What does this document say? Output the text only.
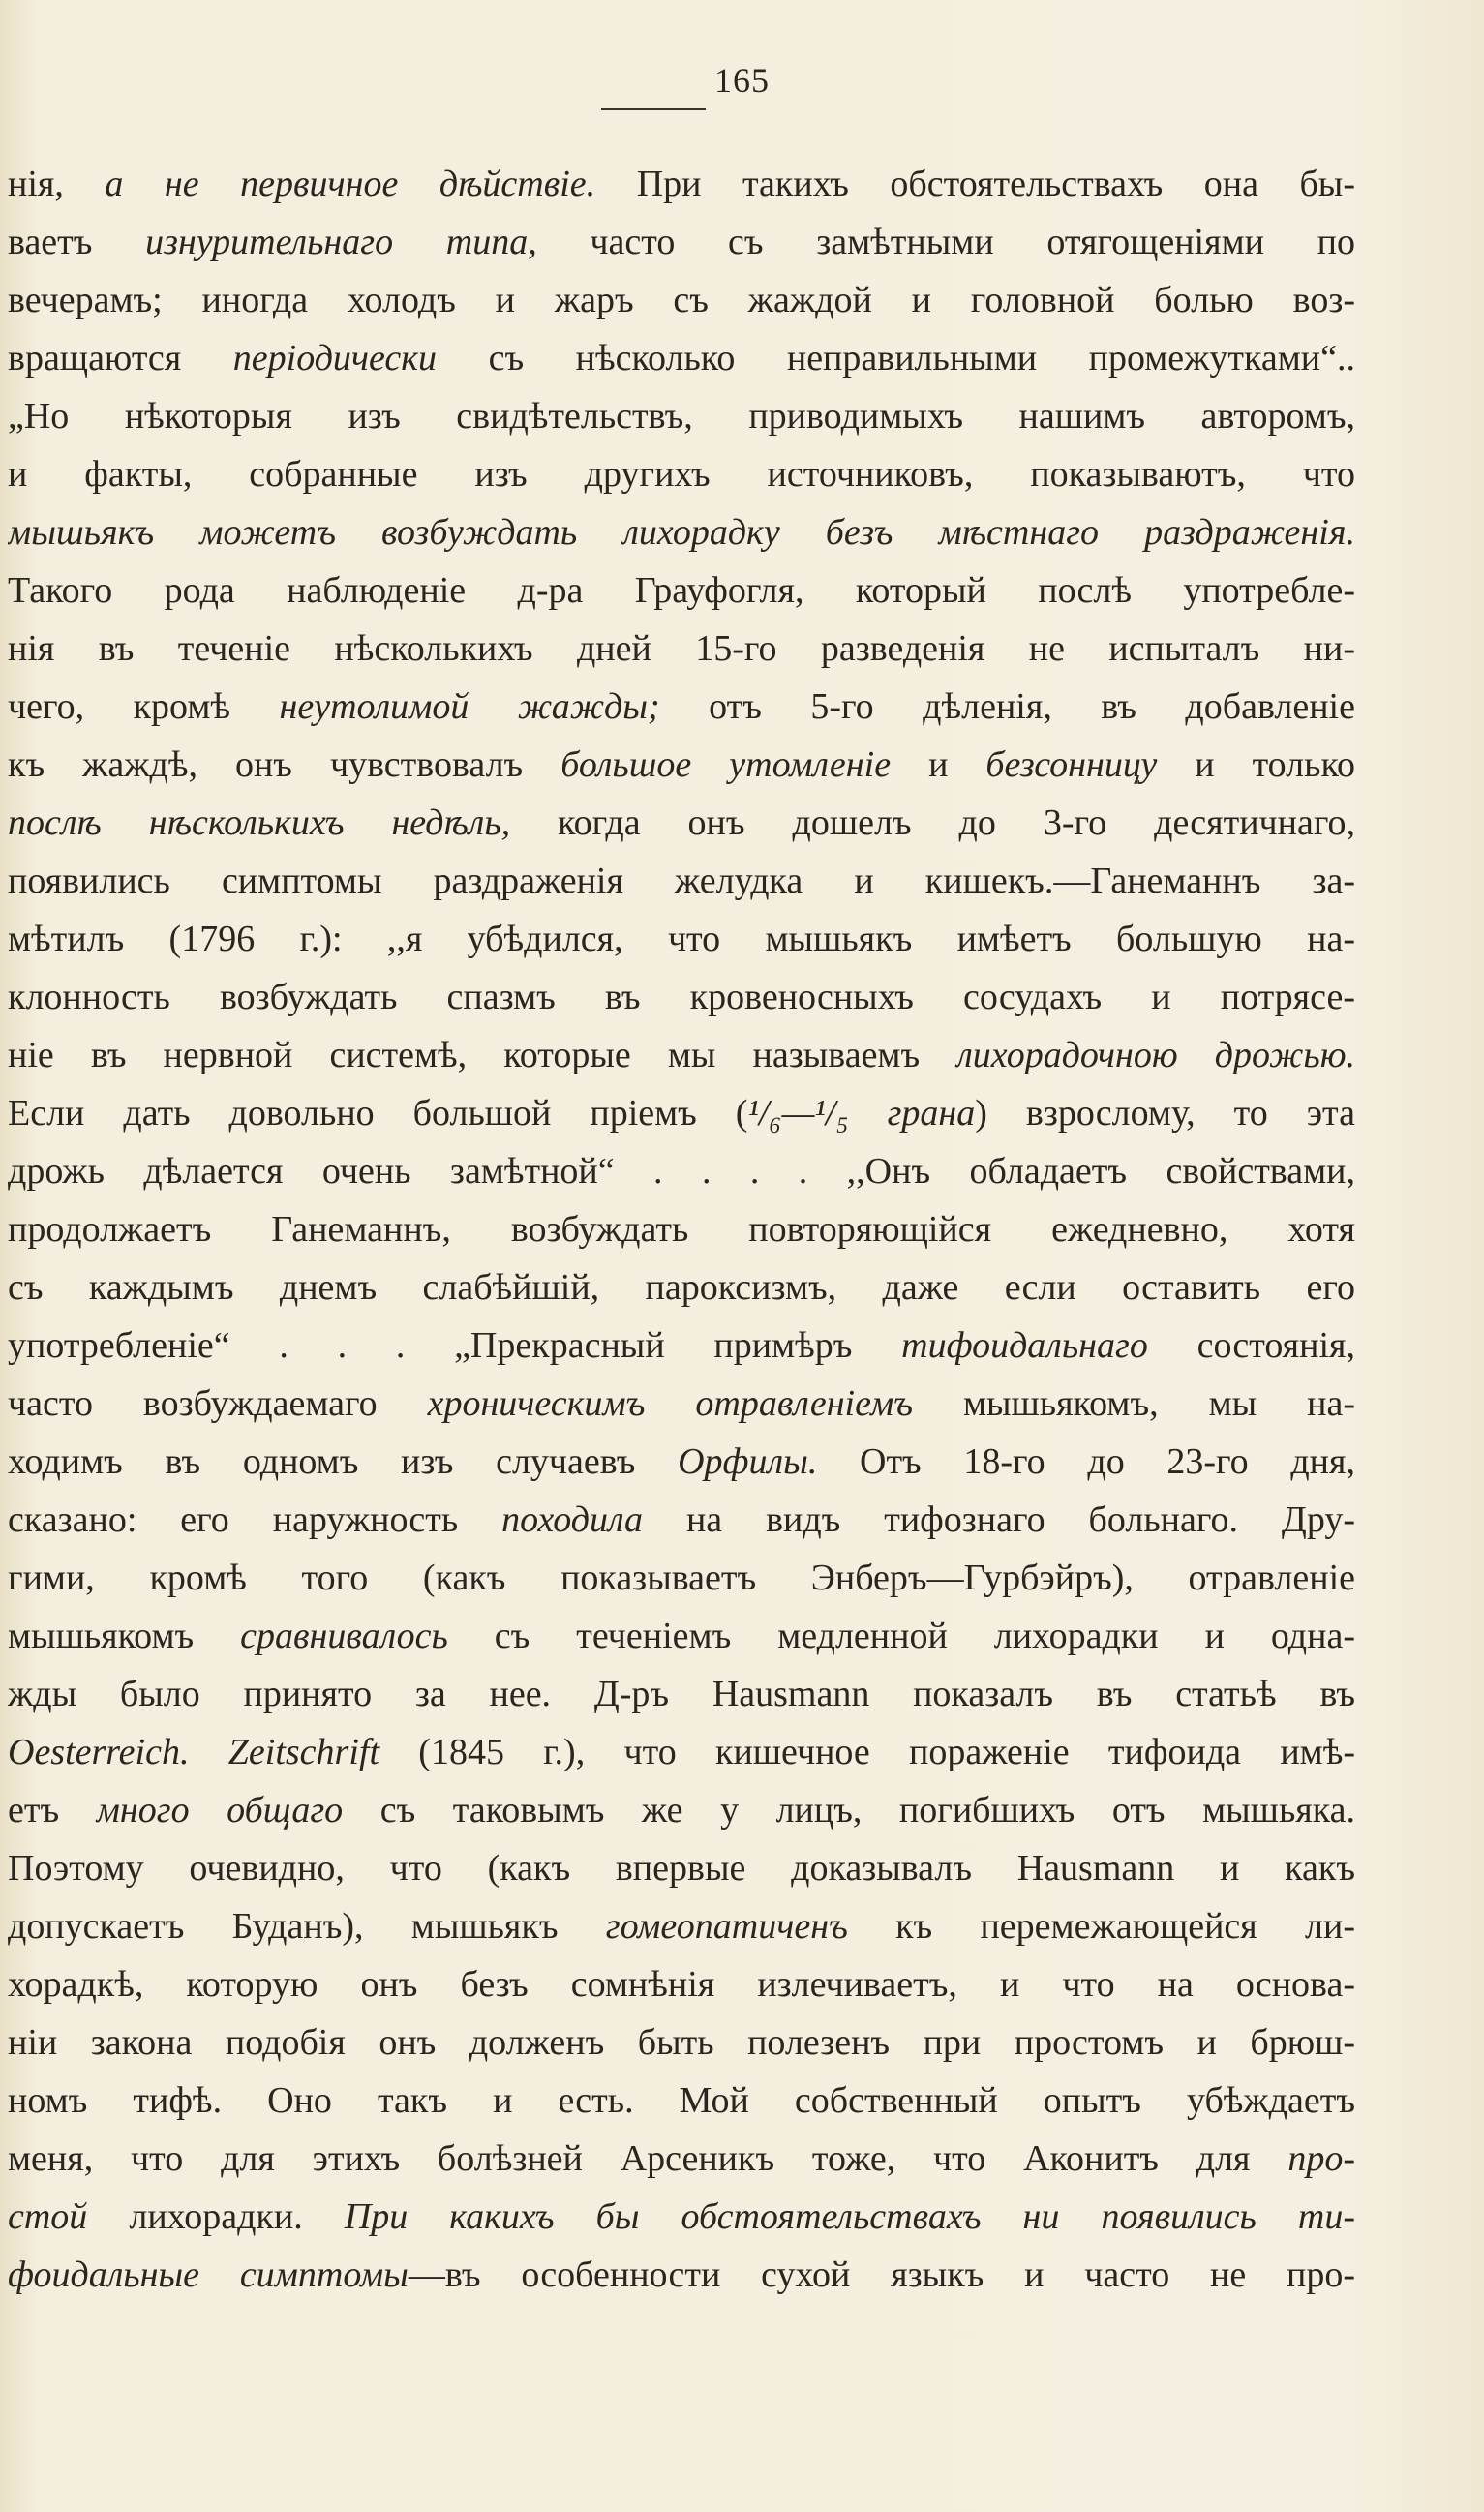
165
нія, а не первичное дѣйствіе. При такихъ обстоятельствахъ она бы-
ваетъ изнурительнаго типа, часто съ замѣтными отягощеніями по
вечерамъ; иногда холодъ и жаръ съ жаждой и головной болью воз-
вращаются періодически съ нѣсколько неправильными промежутками“..
„Но нѣкоторыя изъ свидѣтельствъ, приводимыхъ нашимъ авторомъ,
и факты, собранные изъ другихъ источниковъ, показываютъ, что
мышьякъ можетъ возбуждать лихорадку безъ мѣстнаго раздраженія.
Такого рода наблюденіе д-ра Грауфогля, который послѣ употребле-
нія въ теченіе нѣсколькихъ дней 15-го разведенія не испыталъ ни-
чего, кромѣ неутолимой жажды; отъ 5-го дѣленія, въ добавленіе
къ жаждѣ, онъ чувствовалъ большое утомленіе и безсонницу и только
послѣ нѣсколькихъ недѣль, когда онъ дошелъ до 3-го десятичнаго,
появились симптомы раздраженія желудка и кишекъ.—Ганеманнъ за-
мѣтилъ (1796 г.): ,,я убѣдился, что мышьякъ имѣетъ большую на-
клонность возбуждать спазмъ въ кровеносныхъ сосудахъ и потрясе-
ніе въ нервной системѣ, которые мы называемъ лихорадочною дрожью.
Если дать довольно большой пріемъ (¹/₆—¹/₅ грана) взрослому, то эта
дрожь дѣлается очень замѣтной“ . . . . ,,Онъ обладаетъ свойствами,
продолжаетъ Ганеманнъ, возбуждать повторяющійся ежедневно, хотя
съ каждымъ днемъ слабѣйшій, пароксизмъ, даже если оставить его
употребленіе“ . . . „Прекрасный примѣръ тифоидальнаго состоянія,
часто возбуждаемаго хроническимъ отравленіемъ мышьякомъ, мы на-
ходимъ въ одномъ изъ случаевъ Орфилы. Отъ 18-го до 23-го дня,
сказано: его наружность походила на видъ тифознаго больнаго. Дру-
гими, кромѣ того (какъ показываетъ Энберъ—Гурбэйръ), отравленіе
мышьякомъ сравнивалось съ теченіемъ медленной лихорадки и одна-
жды было принято за нее. Д-ръ Hausmann показалъ въ статьѣ въ
Oesterreich. Zeitschrift (1845 г.), что кишечное пораженіе тифоида имѣ-
етъ много общаго съ таковымъ же у лицъ, погибшихъ отъ мышьяка.
Поэтому очевидно, что (какъ впервые доказывалъ Hausmann и какъ
допускаетъ Буданъ), мышьякъ гомеопатиченъ къ перемежающейся ли-
хорадкѣ, которую онъ безъ сомнѣнія излечиваетъ, и что на основа-
ніи закона подобія онъ долженъ быть полезенъ при простомъ и брюш-
номъ тифѣ. Оно такъ и есть. Мой собственный опытъ убѣждаетъ
меня, что для этихъ болѣзней Арсеникъ тоже, что Аконитъ для про-
стой лихорадки. При какихъ бы обстоятельствахъ ни появились ти-
фоидальные симптомы—въ особенности сухой языкъ и часто не про-
